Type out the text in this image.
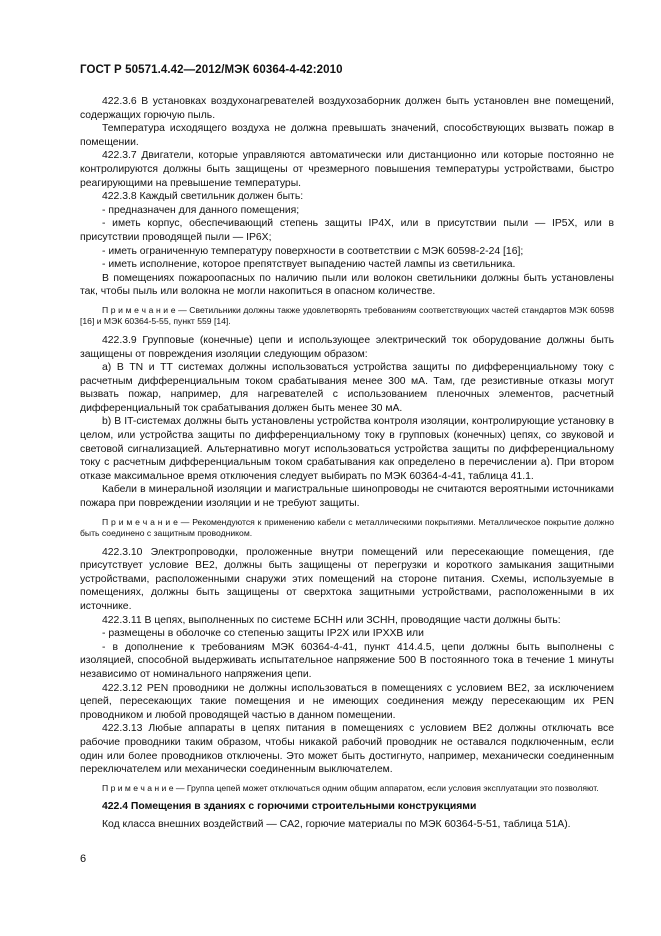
ГОСТ Р 50571.4.42—2012/МЭК 60364-4-42:2010

422.3.6 В установках воздухонагревателей воздухозаборник должен быть установлен вне помещений, содержащих горючую пыль.

Температура исходящего воздуха не должна превышать значений, способствующих вызвать пожар в помещении.

422.3.7 Двигатели, которые управляются автоматически или дистанционно или которые постоянно не контролируются должны быть защищены от чрезмерного повышения температуры устройствами, быстро реагирующими на превышение температуры.

422.3.8 Каждый светильник должен быть:

- предназначен для данного помещения;

- иметь корпус, обеспечивающий степень защиты IP4X, или в присутствии пыли — IP5X, или в присутствии проводящей пыли — IP6X;

- иметь ограниченную температуру поверхности в соответствии с МЭК 60598-2-24 [16];

- иметь исполнение, которое препятствует выпадению частей лампы из светильника.

В помещениях пожароопасных по наличию пыли или волокон светильники должны быть установлены так, чтобы пыль или волокна не могли накопиться в опасном количестве.

П р и м е ч а н и е — Светильники должны также удовлетворять требованиям соответствующих частей стандартов МЭК 60598 [16] и МЭК 60364-5-55, пункт 559 [14].

422.3.9 Групповые (конечные) цепи и использующее электрический ток оборудование должны быть защищены от повреждения изоляции следующим образом:

a) В TN и TT системах должны использоваться устройства защиты по дифференциальному току с расчетным дифференциальным током срабатывания менее 300 мА. Там, где резистивные отказы могут вызвать пожар, например, для нагревателей с использованием пленочных элементов, расчетный дифференциальный ток срабатывания должен быть менее 30 мА.

b) В IT-системах должны быть установлены устройства контроля изоляции, контролирующие установку в целом, или устройства защиты по дифференциальному току в групповых (конечных) цепях, со звуковой и световой сигнализацией. Альтернативно могут использоваться устройства защиты по дифференциальному току с расчетным дифференциальным током срабатывания как определено в перечислении а). При втором отказе максимальное время отключения следует выбирать по МЭК 60364-4-41, таблица 41.1.

Кабели в минеральной изоляции и магистральные шинопроводы не считаются вероятными источниками пожара при повреждении изоляции и не требуют защиты.

П р и м е ч а н и е — Рекомендуются к применению кабели с металлическими покрытиями. Металлическое покрытие должно быть соединено с защитным проводником.

422.3.10 Электропроводки, проложенные внутри помещений или пересекающие помещения, где присутствует условие BE2, должны быть защищены от перегрузки и короткого замыкания защитными устройствами, расположенными снаружи этих помещений на стороне питания. Схемы, используемые в помещениях, должны быть защищены от сверхтока защитными устройствами, расположенными в их источнике.

422.3.11 В цепях, выполненных по системе БСНН или ЗСНН, проводящие части должны быть:

- размещены в оболочке со степенью защиты IP2X или IPXXB или

- в дополнение к требованиям МЭК 60364-4-41, пункт 414.4.5, цепи должны быть выполнены с изоляцией, способной выдерживать испытательное напряжение 500 В постоянного тока в течение 1 минуты независимо от номинального напряжения цепи.

422.3.12 PEN проводники не должны использоваться в помещениях с условием BE2, за исключением цепей, пересекающих такие помещения и не имеющих соединения между пересекающим их PEN проводником и любой проводящей частью в данном помещении.

422.3.13 Любые аппараты в цепях питания в помещениях с условием BE2 должны отключать все рабочие проводники таким образом, чтобы никакой рабочий проводник не оставался подключенным, если один или более проводников отключены. Это может быть достигнуто, например, механически соединенным переключателем или механически соединенным выключателем.

П р и м е ч а н и е — Группа цепей может отключаться одним общим аппаратом, если условия эксплуатации это позволяют.

422.4 Помещения в зданиях с горючими строительными конструкциями

Код класса внешних воздействий — CA2, горючие материалы по МЭК 60364-5-51, таблица 51А).

6
